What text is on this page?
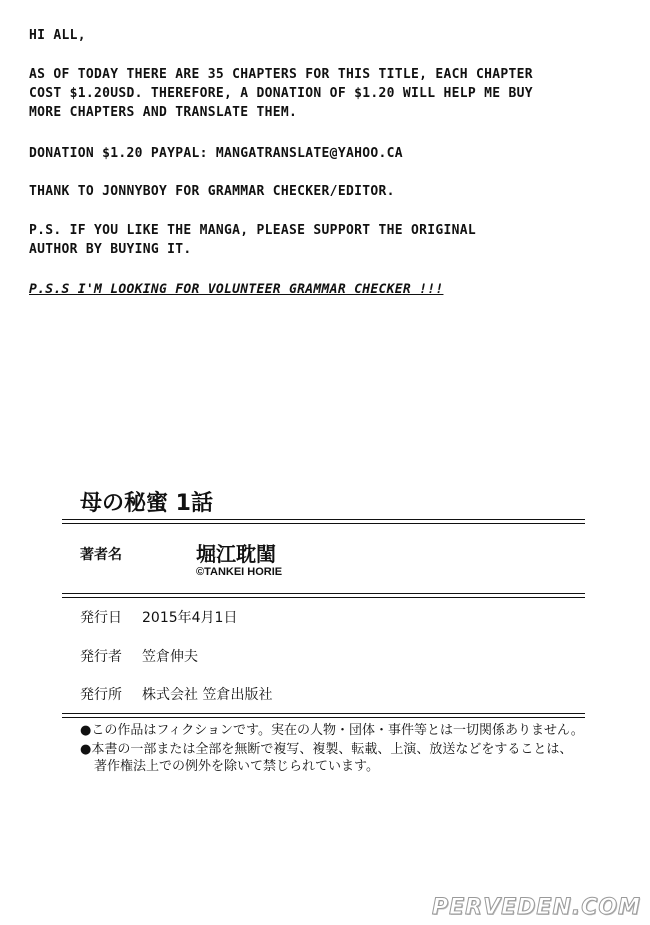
HI ALL,

AS OF TODAY THERE ARE 35 CHAPTERS FOR THIS TITLE, EACH CHAPTER
COST $1.20USD. THEREFORE, A DONATION OF $1.20 WILL HELP ME BUY
MORE CHAPTERS AND TRANSLATE THEM.

DONATION $1.20 PAYPAL: MANGATRANSLATE@YAHOO.CA

THANK TO JONNYBOY FOR GRAMMAR CHECKER/EDITOR.

P.S. IF YOU LIKE THE MANGA, PLEASE SUPPORT THE ORIGINAL
AUTHOR BY BUYING IT.

P.S.S I'M LOOKING FOR VOLUNTEER GRAMMAR CHECKER !!!

母の秘蜜 1話
著者名	堀江耽閨
©TANKEI HORIE
発行日 2015年4月1日
発行者 笠倉伸夫
発行所 株式会社 笠倉出版社

●この作品はフィクションです。実在の人物・団体・事件等とは一切関係ありません。

●本書の一部または全部を無断で複写、複製、転載、上演、放送などをすることは、

著作権法上での例外を除いて禁じられています。

PERVEDEN.COM
